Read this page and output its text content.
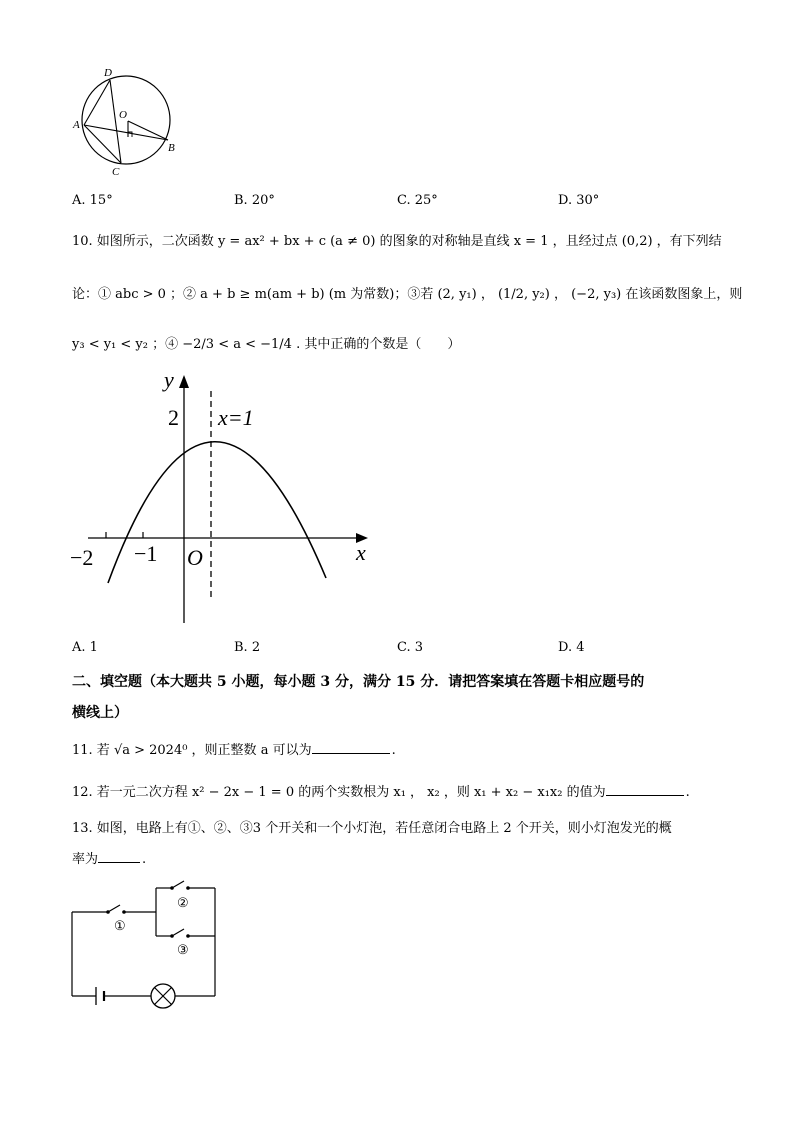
D
A
O
C
B
A. 15°	B. 20°	C. 25°	D. 30°
10. 如图所示，二次函数 y = ax² + bx + c (a ≠ 0) 的图象的对称轴是直线 x = 1 ，且经过点 (0,2) ，有下列结
论：① abc > 0 ；② a + b ≥ m(am + b) (m 为常数)；③若 (2, y₁) ， (1/2, y₂) ， (−2, y₃) 在该函数图象上，则
y₃ < y₁ < y₂ ；④ −2/3 < a < −1/4 . 其中正确的个数是（　　）
y
x
x=1
2
−2 −1 O
A. 1	B. 2	C. 3	D. 4
二、填空题（本大题共 5 小题，每小题 3 分，满分 15 分．请把答案填在答题卡相应题号的
横线上）
11. 若 √a > 2024⁰ ，则正整数 a 可以为	.
12. 若一元二次方程 x² − 2x − 1 = 0 的两个实数根为 x₁ ， x₂ ，则 x₁ + x₂ − x₁x₂ 的值为	.
13. 如图，电路上有①、②、③3 个开关和一个小灯泡，若任意闭合电路上 2 个开关，则小灯泡发光的概
率为	.
①
②
③
